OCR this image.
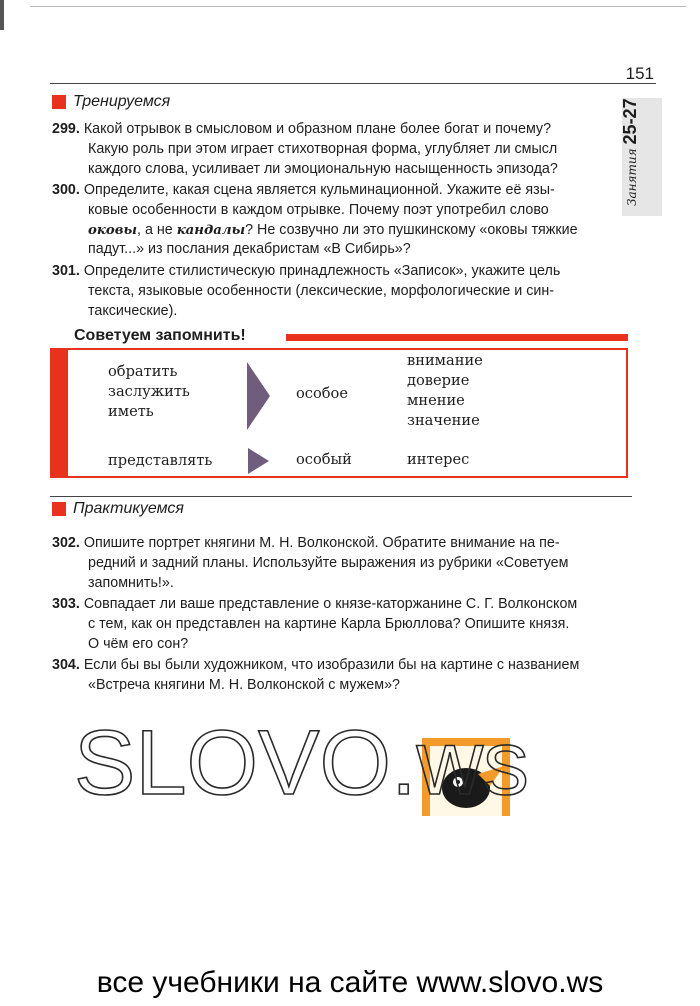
151
Занятия25-27
Тренируемся
299. Какой отрывок в смысловом и образном плане более богат и почему?
Какую роль при этом играет стихотворная форма, углубляет ли смысл
каждого слова, усиливает ли эмоциональную насыщенность эпизода?
300. Определите, какая сцена является кульминационной. Укажите её язы-
ковые особенности в каждом отрывке. Почему поэт употребил слово
оковы, а не кандалы? Не созвучно ли это пушкинскому «оковы тяжкие
падут...» из послания декабристам «В Сибирь»?
301. Определите стилистическую принадлежность «Записок», укажите цель
текста, языковые особенности (лексические, морфологические и син-
таксические).
Советуем запомнить!
обратить
заслужить
иметь
особое
внимание
доверие
мнение
значение
представлять	особый	интерес
Практикуемся
302. Опишите портрет княгини М. Н. Волконской. Обратите внимание на пе-
редний и задний планы. Используйте выражения из рубрики «Советуем
запомнить!».
303. Совпадает ли ваше представление о князе-каторжанине С. Г. Волконском
с тем, как он представлен на картине Карла Брюллова? Опишите князя.
О чём его сон?
304. Если бы вы были художником, что изобразили бы на картине с названием
«Встреча княгини М. Н. Волконской с мужем»?
SLOVO.ws
все учебники на сайте www.slovo.ws
